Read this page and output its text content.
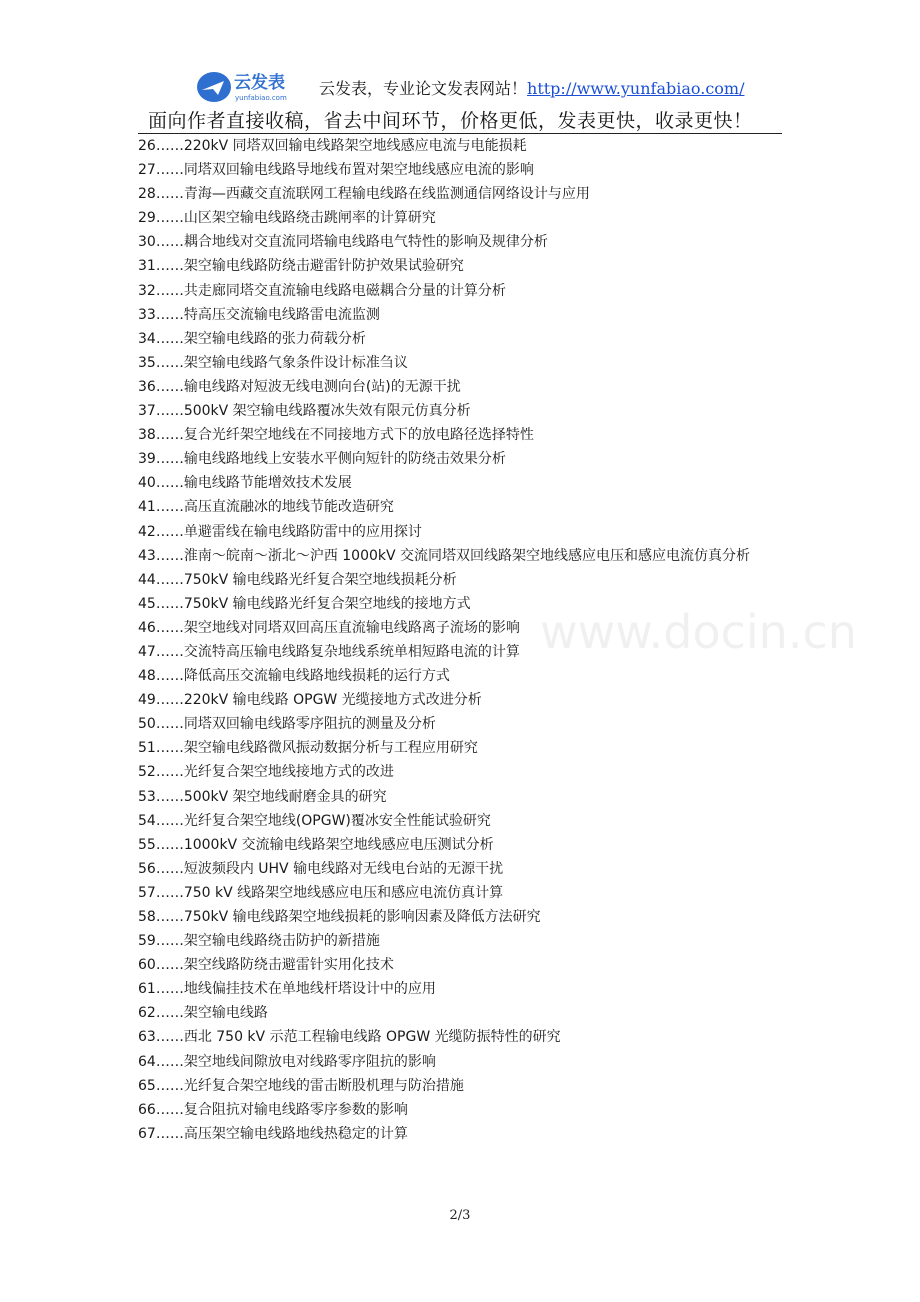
云发表
yunfabiao.com 云发表，专业论文发表网站！http://www.yunfabiao.com/
面向作者直接收稿，省去中间环节，价格更低，发表更快，收录更快！
www.docin.cn
26……220kV 同塔双回输电线路架空地线感应电流与电能损耗
27……同塔双回输电线路导地线布置对架空地线感应电流的影响
28……青海—西藏交直流联网工程输电线路在线监测通信网络设计与应用
29……山区架空输电线路绕击跳闸率的计算研究
30……耦合地线对交直流同塔输电线路电气特性的影响及规律分析
31……架空输电线路防绕击避雷针防护效果试验研究
32……共走廊同塔交直流输电线路电磁耦合分量的计算分析
33……特高压交流输电线路雷电流监测
34……架空输电线路的张力荷载分析
35……架空输电线路气象条件设计标准刍议
36……输电线路对短波无线电测向台(站)的无源干扰
37……500kV 架空输电线路覆冰失效有限元仿真分析
38……复合光纤架空地线在不同接地方式下的放电路径选择特性
39……输电线路地线上安装水平侧向短针的防绕击效果分析
40……输电线路节能增效技术发展
41……高压直流融冰的地线节能改造研究
42……单避雷线在输电线路防雷中的应用探讨
43……淮南～皖南～浙北～沪西 1000kV 交流同塔双回线路架空地线感应电压和感应电流仿真分析
44……750kV 输电线路光纤复合架空地线损耗分析
45……750kV 输电线路光纤复合架空地线的接地方式
46……架空地线对同塔双回高压直流输电线路离子流场的影响
47……交流特高压输电线路复杂地线系统单相短路电流的计算
48……降低高压交流输电线路地线损耗的运行方式
49……220kV 输电线路 OPGW 光缆接地方式改进分析
50……同塔双回输电线路零序阻抗的测量及分析
51……架空输电线路微风振动数据分析与工程应用研究
52……光纤复合架空地线接地方式的改进
53……500kV 架空地线耐磨金具的研究
54……光纤复合架空地线(OPGW)覆冰安全性能试验研究
55……1000kV 交流输电线路架空地线感应电压测试分析
56……短波频段内 UHV 输电线路对无线电台站的无源干扰
57……750 kV 线路架空地线感应电压和感应电流仿真计算
58……750kV 输电线路架空地线损耗的影响因素及降低方法研究
59……架空输电线路绕击防护的新措施
60……架空线路防绕击避雷针实用化技术
61……地线偏挂技术在单地线杆塔设计中的应用
62……架空输电线路
63……西北 750 kV 示范工程输电线路 OPGW 光缆防振特性的研究
64……架空地线间隙放电对线路零序阻抗的影响
65……光纤复合架空地线的雷击断股机理与防治措施
66……复合阻抗对输电线路零序参数的影响
67……高压架空输电线路地线热稳定的计算
2/3
